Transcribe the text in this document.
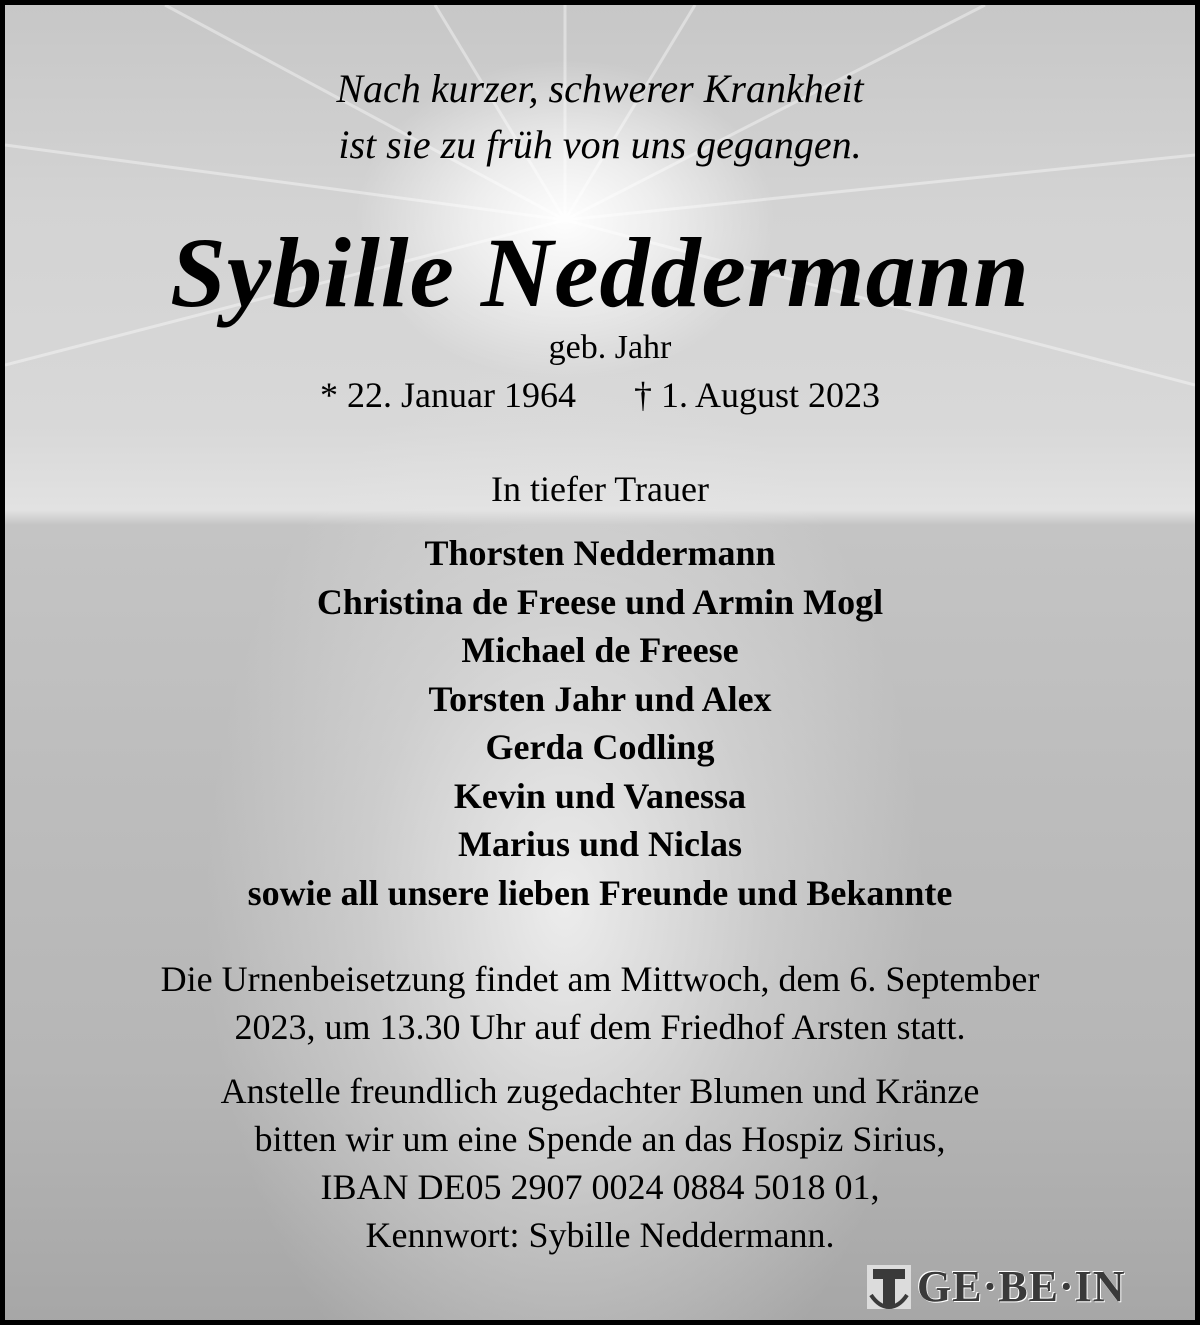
Nach kurzer, schwerer Krankheit
ist sie zu früh von uns gegangen.
Sybille Neddermann
geb. Jahr
* 22. Januar 1964 † 1. August 2023
In tiefer Trauer
Thorsten Neddermann
Christina de Freese und Armin Mogl
Michael de Freese
Torsten Jahr und Alex
Gerda Codling
Kevin und Vanessa
Marius und Niclas
sowie all unsere lieben Freunde und Bekannte
Die Urnenbeisetzung findet am Mittwoch, dem 6. September
2023, um 13.30 Uhr auf dem Friedhof Arsten statt.
Anstelle freundlich zugedachter Blumen und Kränze
bitten wir um eine Spende an das Hospiz Sirius,
IBAN DE05 2907 0024 0884 5018 01,
Kennwort: Sybille Neddermann.
GE·BE·IN
